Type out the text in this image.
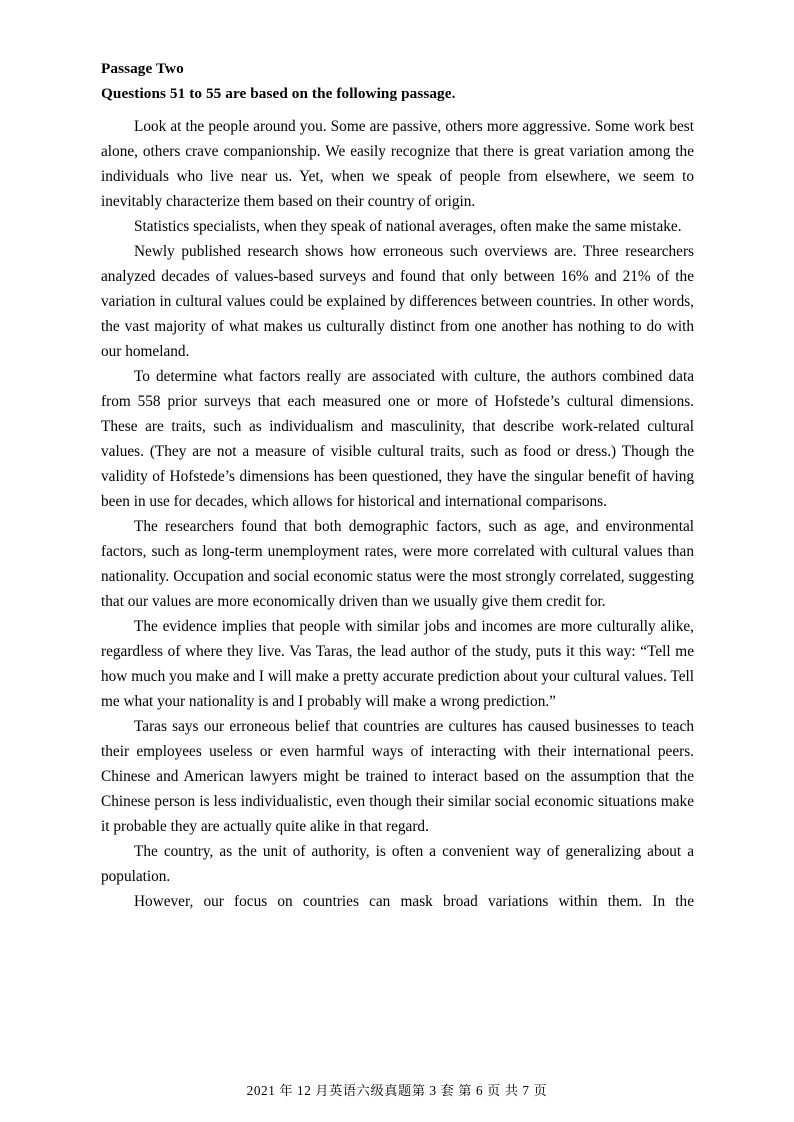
Passage Two

Questions 51 to 55 are based on the following passage.

Look at the people around you. Some are passive, others more aggressive. Some work best alone, others crave companionship. We easily recognize that there is great variation among the individuals who live near us. Yet, when we speak of people from elsewhere, we seem to inevitably characterize them based on their country of origin.

Statistics specialists, when they speak of national averages, often make the same mistake.

Newly published research shows how erroneous such overviews are. Three researchers analyzed decades of values-based surveys and found that only between 16% and 21% of the variation in cultural values could be explained by differences between countries. In other words, the vast majority of what makes us culturally distinct from one another has nothing to do with our homeland.

To determine what factors really are associated with culture, the authors combined data from 558 prior surveys that each measured one or more of Hofstede’s cultural dimensions. These are traits, such as individualism and masculinity, that describe work-related cultural values. (They are not a measure of visible cultural traits, such as food or dress.) Though the validity of Hofstede’s dimensions has been questioned, they have the singular benefit of having been in use for decades, which allows for historical and international comparisons.

The researchers found that both demographic factors, such as age, and environmental factors, such as long-term unemployment rates, were more correlated with cultural values than nationality. Occupation and social economic status were the most strongly correlated, suggesting that our values are more economically driven than we usually give them credit for.

The evidence implies that people with similar jobs and incomes are more culturally alike, regardless of where they live. Vas Taras, the lead author of the study, puts it this way: “Tell me how much you make and I will make a pretty accurate prediction about your cultural values. Tell me what your nationality is and I probably will make a wrong prediction.”

Taras says our erroneous belief that countries are cultures has caused businesses to teach their employees useless or even harmful ways of interacting with their international peers. Chinese and American lawyers might be trained to interact based on the assumption that the Chinese person is less individualistic, even though their similar social economic situations make it probable they are actually quite alike in that regard.

The country, as the unit of authority, is often a convenient way of generalizing about a population.

However, our focus on countries can mask broad variations within them. In the

2021 年 12 月英语六级真题第 3 套 第 6 页 共 7 页
